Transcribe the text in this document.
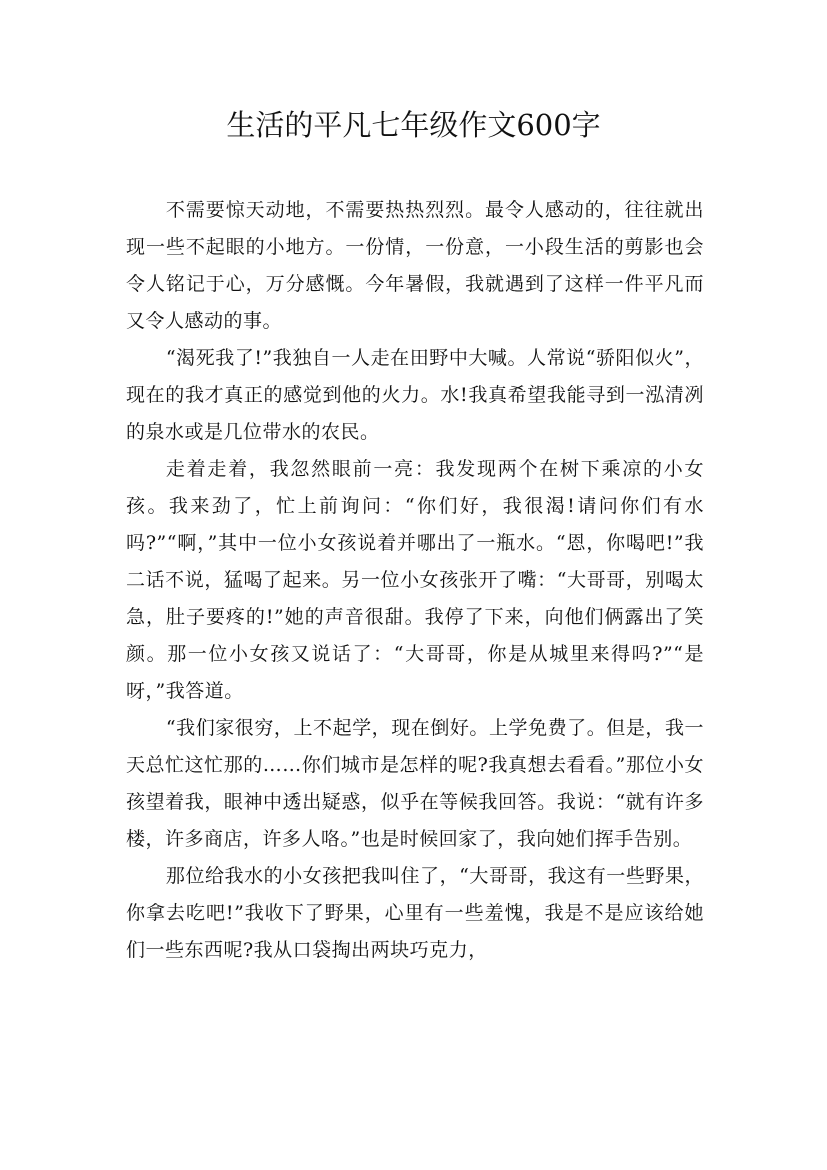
生活的平凡七年级作文600字

不需要惊天动地，不需要热热烈烈。最令人感动的，往往就出现一些不起眼的小地方。一份情，一份意，一小段生活的剪影也会令人铭记于心，万分感慨。今年暑假，我就遇到了这样一件平凡而又令人感动的事。

“渴死我了!”我独自一人走在田野中大喊。人常说“骄阳似火”，现在的我才真正的感觉到他的火力。水!我真希望我能寻到一泓清冽的泉水或是几位带水的农民。

走着走着，我忽然眼前一亮：我发现两个在树下乘凉的小女孩。我来劲了，忙上前询问：“你们好，我很渴!请问你们有水吗?”“啊，”其中一位小女孩说着并哪出了一瓶水。“恩，你喝吧!”我二话不说，猛喝了起来。另一位小女孩张开了嘴：“大哥哥，别喝太急，肚子要疼的!”她的声音很甜。我停了下来，向他们俩露出了笑颜。那一位小女孩又说话了：“大哥哥，你是从城里来得吗?”“是呀，”我答道。

“我们家很穷，上不起学，现在倒好。上学免费了。但是，我一天总忙这忙那的……你们城市是怎样的呢?我真想去看看。”那位小女孩望着我，眼神中透出疑惑，似乎在等候我回答。我说：“就有许多楼，许多商店，许多人咯。”也是时候回家了，我向她们挥手告别。

那位给我水的小女孩把我叫住了，“大哥哥，我这有一些野果，你拿去吃吧!”我收下了野果，心里有一些羞愧，我是不是应该给她们一些东西呢?我从口袋掏出两块巧克力，
